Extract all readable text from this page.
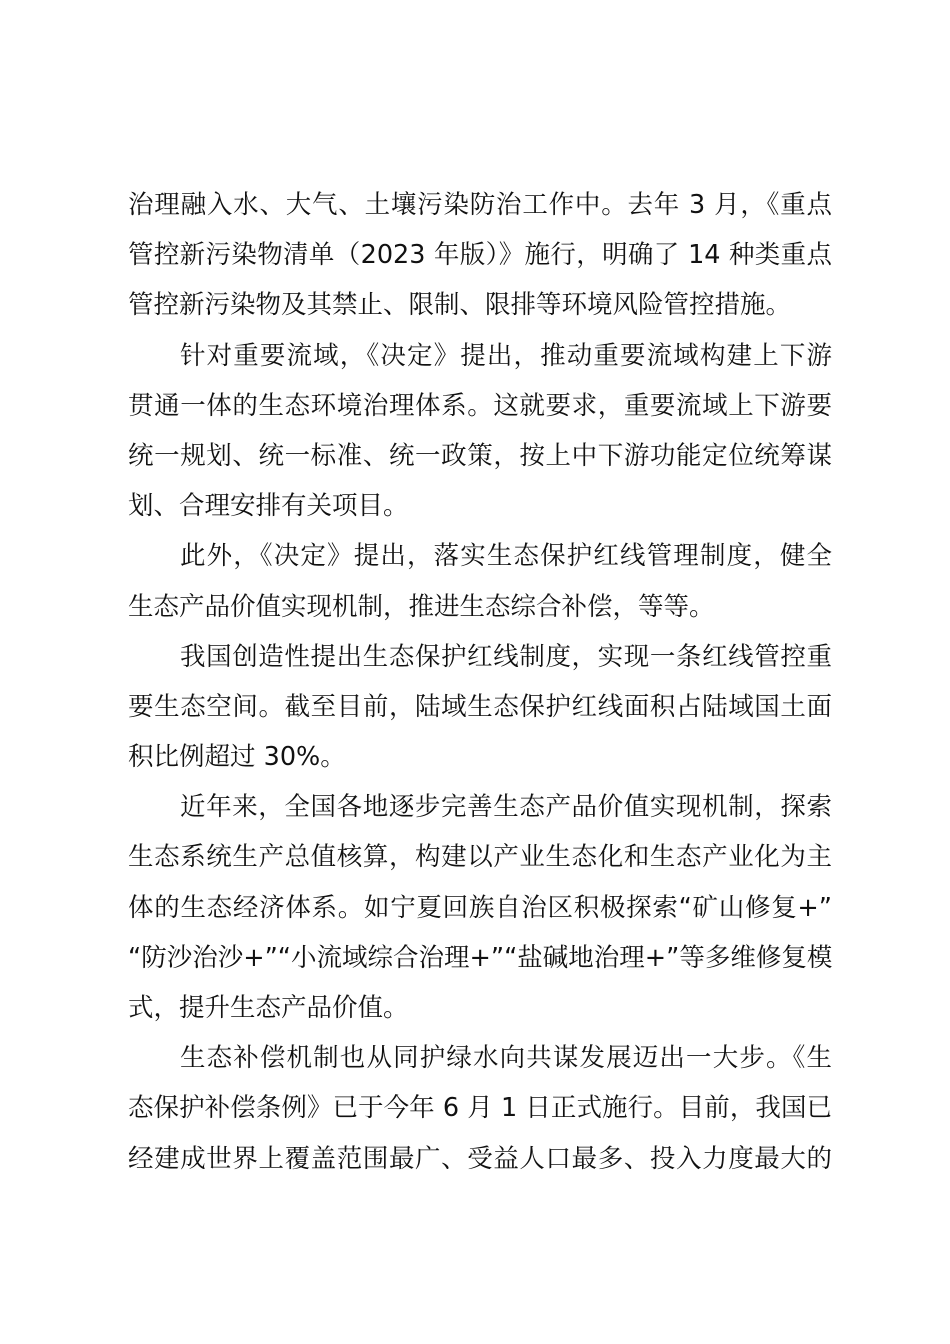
治理融入水、大气、土壤污染防治工作中。去年 3 月，《重点
管控新污染物清单（2023 年版）》施行，明确了 14 种类重点
管控新污染物及其禁止、限制、限排等环境风险管控措施。
针对重要流域，《决定》提出，推动重要流域构建上下游
贯通一体的生态环境治理体系。这就要求，重要流域上下游要
统一规划、统一标准、统一政策，按上中下游功能定位统筹谋
划、合理安排有关项目。
此外，《决定》提出，落实生态保护红线管理制度，健全
生态产品价值实现机制，推进生态综合补偿，等等。
我国创造性提出生态保护红线制度，实现一条红线管控重
要生态空间。截至目前，陆域生态保护红线面积占陆域国土面
积比例超过 30%。
近年来，全国各地逐步完善生态产品价值实现机制，探索
生态系统生产总值核算，构建以产业生态化和生态产业化为主
体的生态经济体系。如宁夏回族自治区积极探索“矿山修复+”
“防沙治沙+”“小流域综合治理+”“盐碱地治理+”等多维修复模
式，提升生态产品价值。
生态补偿机制也从同护绿水向共谋发展迈出一大步。《生
态保护补偿条例》已于今年 6 月 1 日正式施行。目前，我国已
经建成世界上覆盖范围最广、受益人口最多、投入力度最大的
